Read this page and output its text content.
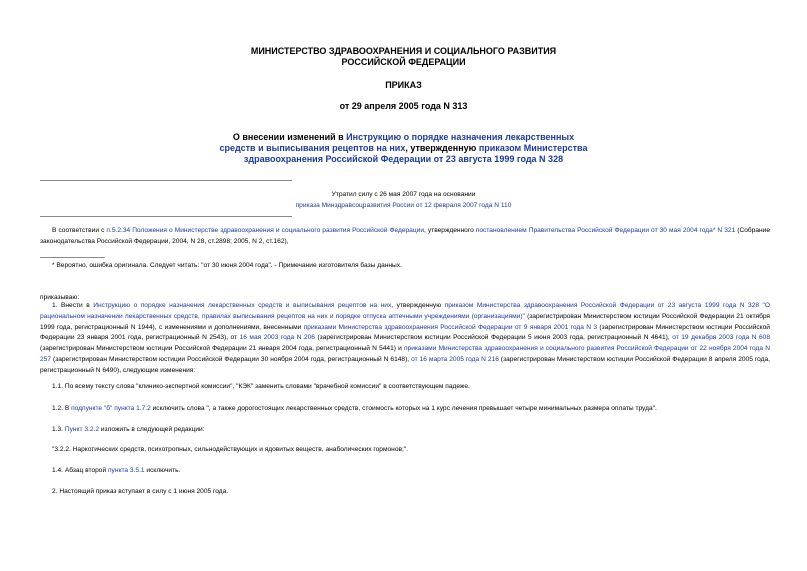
МИНИСТЕРСТВО ЗДРАВООХРАНЕНИЯ И СОЦИАЛЬНОГО РАЗВИТИЯ
РОССИЙСКОЙ ФЕДЕРАЦИИ
ПРИКАЗ
от 29 апреля 2005 года N 313
О внесении изменений в Инструкцию о порядке назначения лекарственных
средств и выписывания рецептов на них, утвержденную приказом Министерства
здравоохранения Российской Федерации от 23 августа 1999 года N 328
Утратил силу с 26 мая 2007 года на основании
приказа Минздравсоцразвития России от 12 февраля 2007 года N 110
В соответствии с п.5.2.34 Положения о Министерстве здравоохранения и социального развития Российской Федерации, утвержденного постановлением Правительства Российской Федерации от 30 мая 2004 года* N 321 (Собрание законодательства Российской Федерации, 2004, N 28, ст.2898; 2005, N 2, ст.162),
* Вероятно, ошибка оригинала. Следует читать: "от 30 июня 2004 года". - Примечание изготовителя базы данных.
приказываю:
1. Внести в Инструкцию о порядке назначения лекарственных средств и выписывания рецептов на них, утвержденную приказом Министерства здравоохранения Российской Федерации от 23 августа 1999 года N 328 "О рациональном назначении лекарственных средств, правилах выписывания рецептов на них и порядке отпуска аптечными учреждениями (организациями)" (зарегистрирован Министерством юстиции Российской Федерации 21 октября 1999 года, регистрационный N 1944), с изменениями и дополнениями, внесенными приказами Министерства здравоохранения Российской Федерации от 9 января 2001 года N 3 (зарегистрирован Министерством юстиции Российской Федерации 23 января 2001 года, регистрационный N 2543), от 16 мая 2003 года N 206 (зарегистрирован Министерством юстиции Российской Федерации 5 июня 2003 года, регистрационный N 4641), от 19 декабря 2003 года N 608 (зарегистрирован Министерством юстиции Российской Федерации 21 января 2004 года, регистрационный N 5441) и приказами Министерства здравоохранения и социального развития Российской Федерации от 22 ноября 2004 года N 257 (зарегистрирован Министерством юстиции Российской Федерации 30 ноября 2004 года, регистрационный N 6148), от 16 марта 2005 года N 216 (зарегистрирован Министерством юстиции Российской Федерации 8 апреля 2005 года, регистрационный N 6490), следующие изменения:
1.1. По всему тексту слова "клинико-экспертной комиссии", "КЭК" заменить словами "врачебной комиссии" в соответствующем падеже.
1.2. В подпункте "б" пункта 1.7.2 исключить слова ", а также дорогостоящих лекарственных средств, стоимость которых на 1 курс лечения превышает четыре минимальных размера оплаты труда".
1.3. Пункт 3.2.2 изложить в следующей редакции:
"3.2.2. Наркотических средств, психотропных, сильнодействующих и ядовитых веществ, анаболических гормонов;".
1.4. Абзац второй пункта 3.5.1 исключить.
2. Настоящий приказ вступает в силу с 1 июня 2005 года.
